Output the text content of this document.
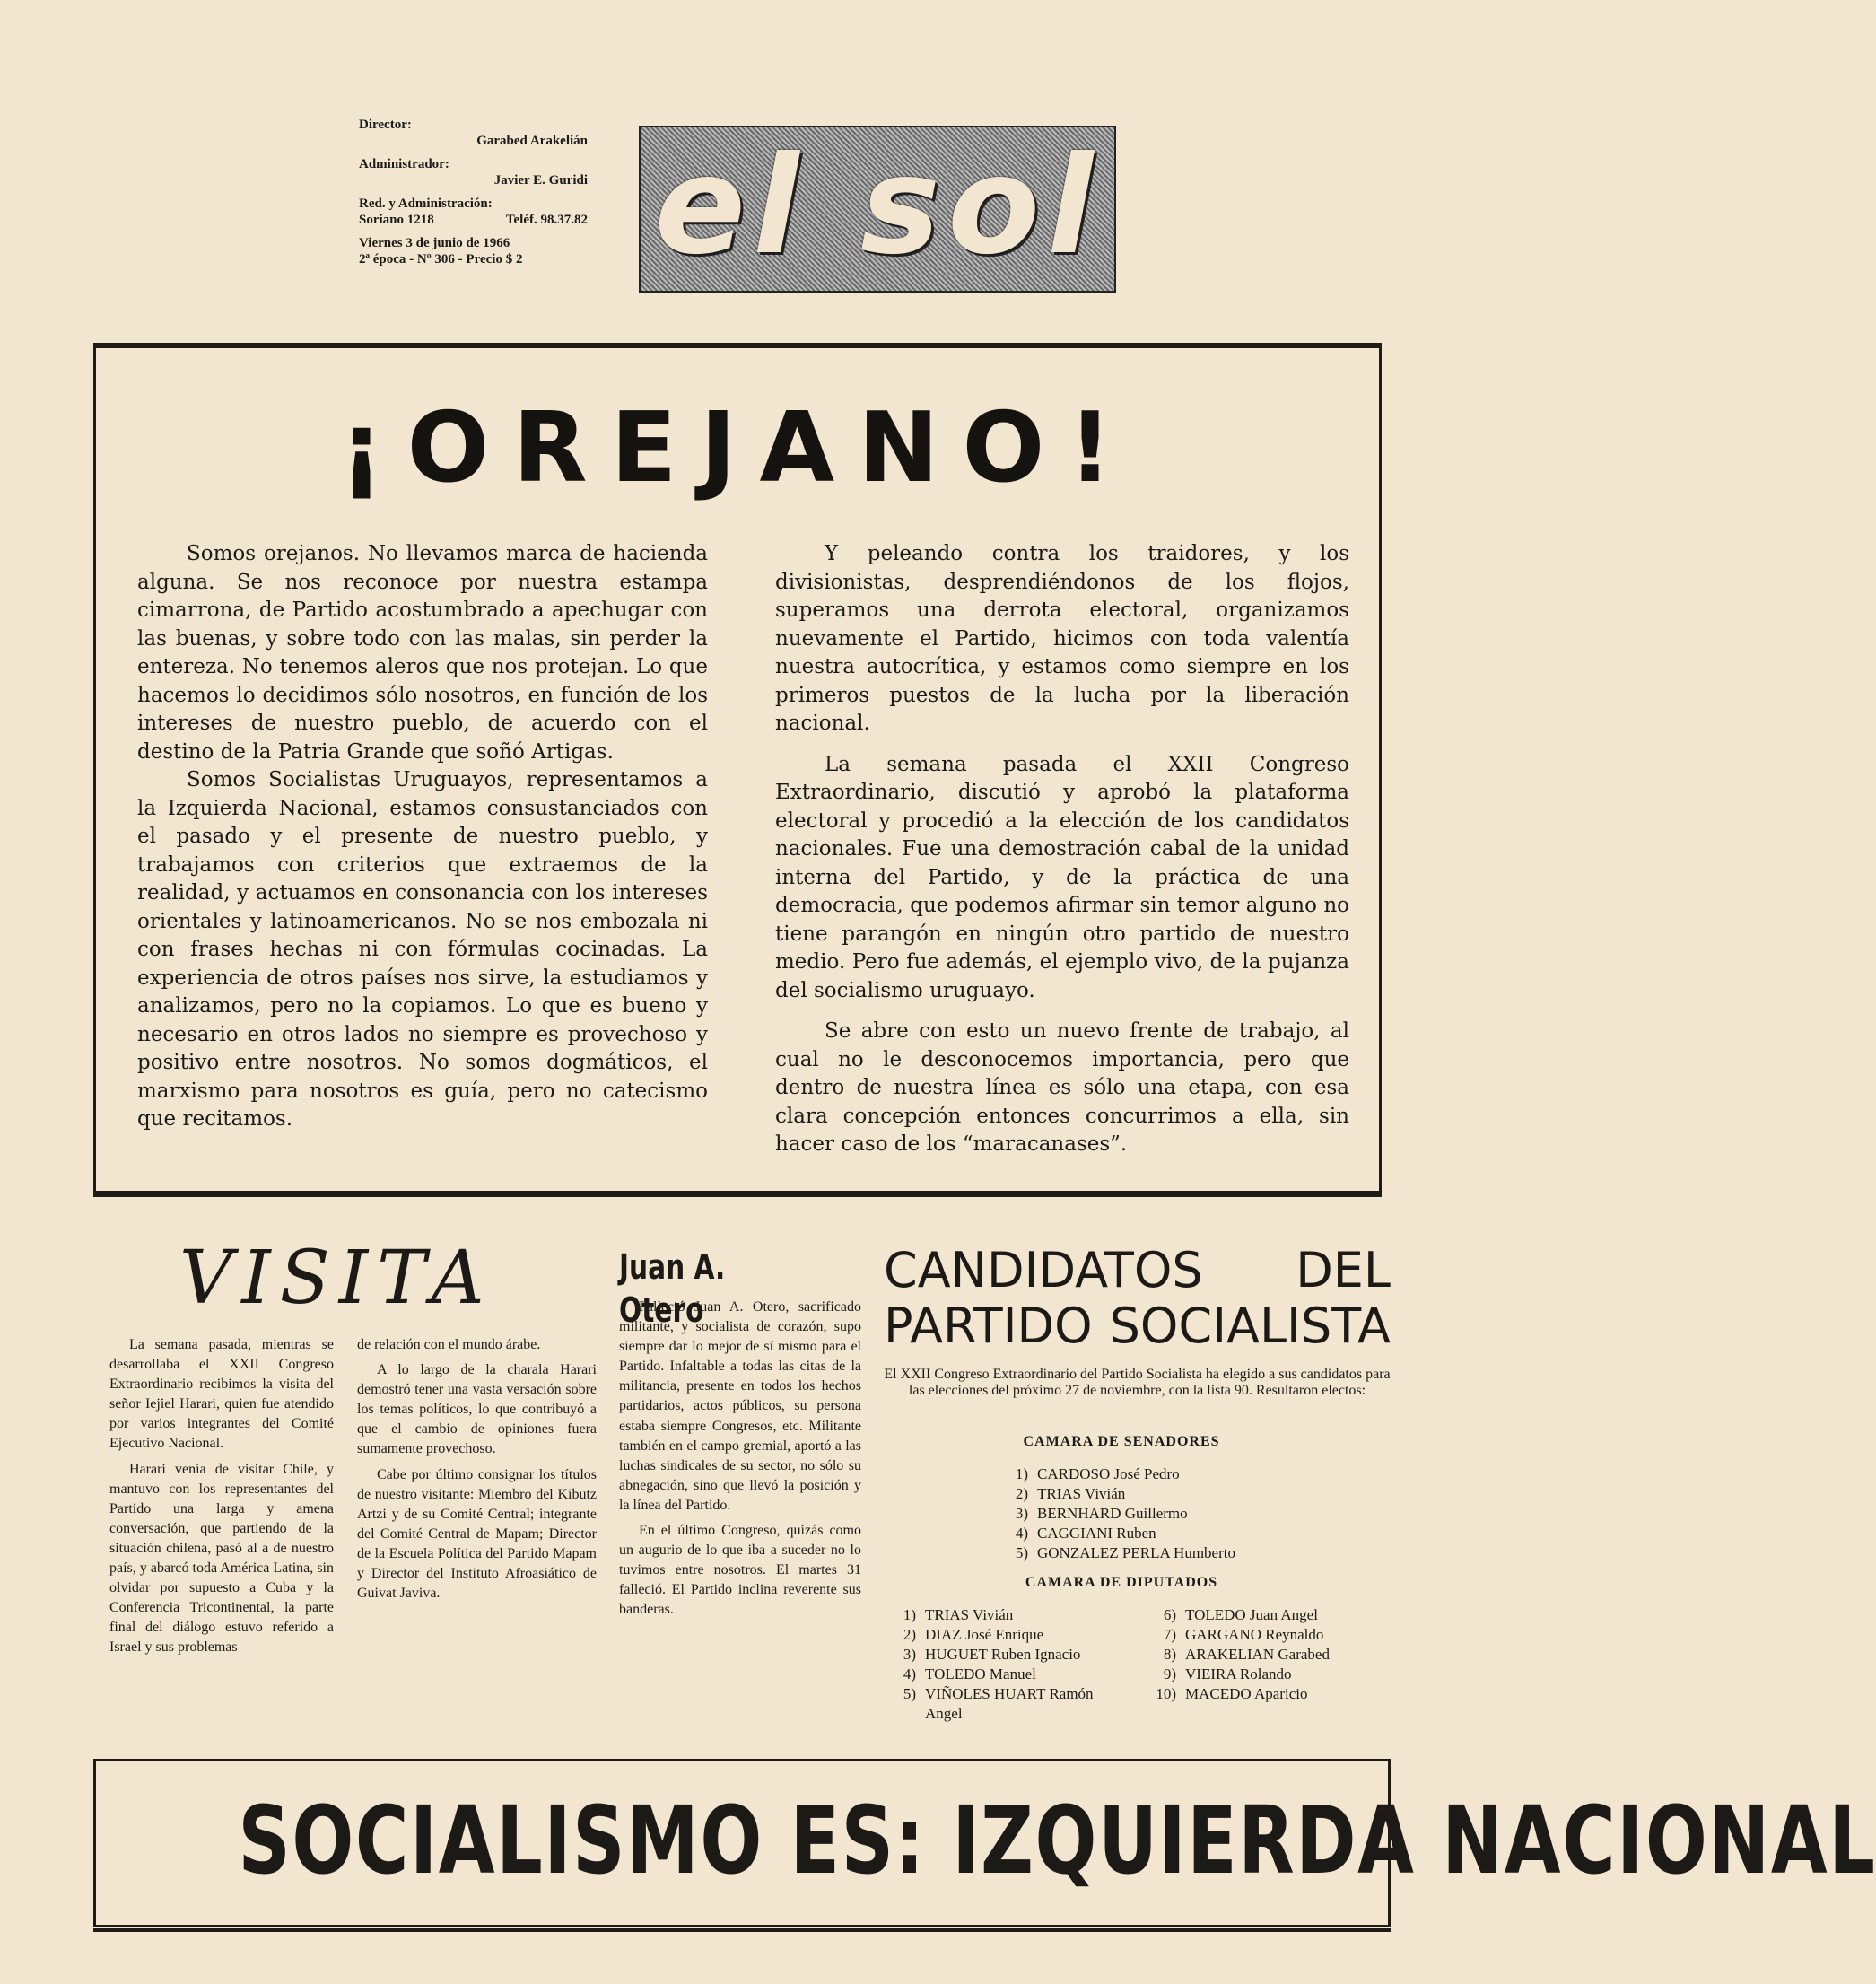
Director:
Garabed Arakelián
Administrador:
Javier E. Guridi
Red. y Administración:
Soriano 1218	Teléf. 98.37.82
Viernes 3 de junio de 1966
2ª época - Nº 306 - Precio $ 2 el sol
¡OREJANO!

Somos orejanos. No llevamos marca de hacienda alguna. Se nos reconoce por nuestra estampa cimarrona, de Partido acostumbrado a apechugar con las buenas, y sobre todo con las malas, sin perder la entereza. No tenemos aleros que nos protejan. Lo que hacemos lo decidimos sólo nosotros, en función de los intereses de nuestro pueblo, de acuerdo con el destino de la Patria Grande que soñó Artigas.

Somos Socialistas Uruguayos, representamos a la Izquierda Nacional, estamos consustanciados con el pasado y el presente de nuestro pueblo, y trabajamos con criterios que extraemos de la realidad, y actuamos en consonancia con los intereses orientales y latinoamericanos. No se nos embozala ni con frases hechas ni con fórmulas cocinadas. La experiencia de otros países nos sirve, la estudiamos y analizamos, pero no la copiamos. Lo que es bueno y necesario en otros lados no siempre es provechoso y positivo entre nosotros. No somos dogmáticos, el marxismo para nosotros es guía, pero no catecismo que recitamos.

Y peleando contra los traidores, y los divisionistas, desprendiéndonos de los flojos, superamos una derrota electoral, organizamos nuevamente el Partido, hicimos con toda valentía nuestra autocrítica, y estamos como siempre en los primeros puestos de la lucha por la liberación nacional.

La semana pasada el XXII Congreso Extraordinario, discutió y aprobó la plataforma electoral y procedió a la elección de los candidatos nacionales. Fue una demostración cabal de la unidad interna del Partido, y de la práctica de una democracia, que podemos afirmar sin temor alguno no tiene parangón en ningún otro partido de nuestro medio. Pero fue además, el ejemplo vivo, de la pujanza del socialismo uruguayo.

Se abre con esto un nuevo frente de trabajo, al cual no le desconocemos importancia, pero que dentro de nuestra línea es sólo una etapa, con esa clara concepción entonces concurrimos a ella, sin hacer caso de los “maracanases”.

VISITA

La semana pasada, mientras se desarrollaba el XXII Congreso Extraordinario recibimos la visita del señor Iejiel Harari, quien fue atendido por varios integrantes del Comité Ejecutivo Nacional.

Harari venía de visitar Chile, y mantuvo con los representantes del Partido una larga y amena conversación, que partiendo de la situación chilena, pasó al a de nuestro país, y abarcó toda América Latina, sin olvidar por supuesto a Cuba y la Conferencia Tricontinental, la parte final del diálogo estuvo referido a Israel y sus problemas

de relación con el mundo árabe.

A lo largo de la charala Harari demostró tener una vasta versación sobre los temas políticos, lo que contribuyó a que el cambio de opiniones fuera sumamente provechoso.

Cabe por último consignar los títulos de nuestro visitante: Miembro del Kibutz Artzi y de su Comité Central; integrante del Comité Central de Mapam; Director de la Escuela Política del Partido Mapam y Director del Instituto Afroasiático de Guivat Javiva.

Juan A. Otero

Falleció Juan A. Otero, sacrificado militante, y socialista de corazón, supo siempre dar lo mejor de sí mismo para el Partido. Infaltable a todas las citas de la militancia, presente en todos los hechos partidarios, actos públicos, su persona estaba siempre Congresos, etc. Militante también en el campo gremial, aportó a las luchas sindicales de su sector, no sólo su abnegación, sino que llevó la posición y la línea del Partido.

En el último Congreso, quizás como un augurio de lo que iba a suceder no lo tuvimos entre nosotros. El martes 31 falleció. El Partido inclina reverente sus banderas.

CANDIDATOS DEL
PARTIDO SOCIALISTA
El XXII Congreso Extraordinario del Partido Socialista ha elegido a sus candidatos para las elecciones del próximo 27 de noviembre, con la lista 90. Resultaron electos:
CAMARA DE SENADORES
1) CARDOSO José Pedro
2) TRIAS Vivián
3) BERNHARD Guillermo
4) CAGGIANI Ruben
5) GONZALEZ PERLA Humberto
CAMARA DE DIPUTADOS
1) TRIAS Vivián
2) DIAZ José Enrique
3) HUGUET Ruben Ignacio
4) TOLEDO Manuel
5) VIÑOLES HUART Ramón Angel
6) TOLEDO Juan Angel
7) GARGANO Reynaldo
8) ARAKELIAN Garabed
9) VIEIRA Rolando
10) MACEDO Aparicio
SOCIALISMO ES: IZQUIERDA NACIONAL
